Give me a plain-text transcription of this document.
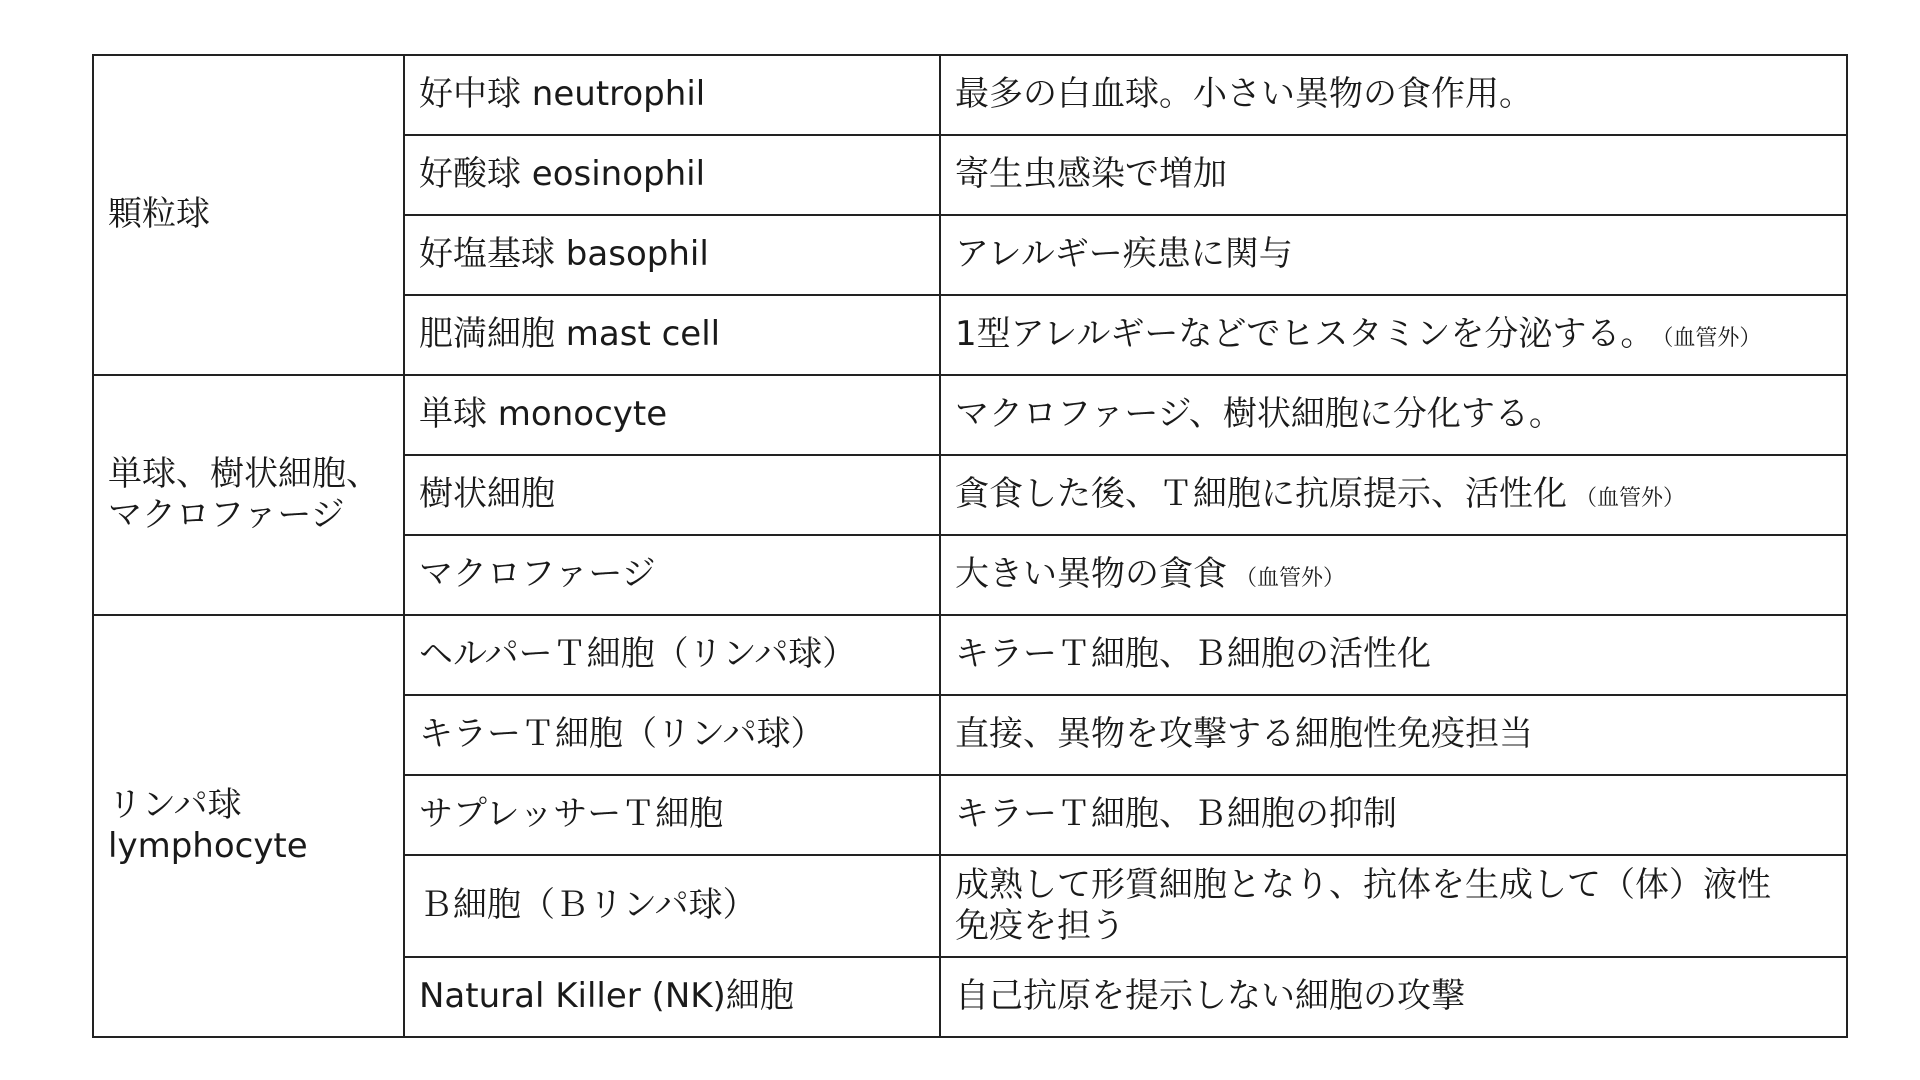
顆粒球	好中球 neutrophil	最多の白血球。小さい異物の食作用。
	好酸球 eosinophil	寄生虫感染で増加
	好塩基球 basophil	アレルギー疾患に関与
	肥満細胞 mast cell	1型アレルギーなどでヒスタミンを分泌する。 （血管外）

単球、樹状細胞、
マクロファージ	単球 monocyte	マクロファージ、樹状細胞に分化する。
	樹状細胞	貪食した後、Ｔ細胞に抗原提示、活性化 （血管外）
	マクロファージ	大きい異物の貪食 （血管外）

リンパ球
lymphocyte	ヘルパーＴ細胞（リンパ球）	キラーＴ細胞、Ｂ細胞の活性化
	キラーＴ細胞（リンパ球）	直接、異物を攻撃する細胞性免疫担当
	サプレッサーＴ細胞	キラーＴ細胞、Ｂ細胞の抑制
	Ｂ細胞（Ｂリンパ球）	成熟して形質細胞となり、抗体を生成して（体）液性
免疫を担う

	Natural Killer (NK)細胞	自己抗原を提示しない細胞の攻撃
